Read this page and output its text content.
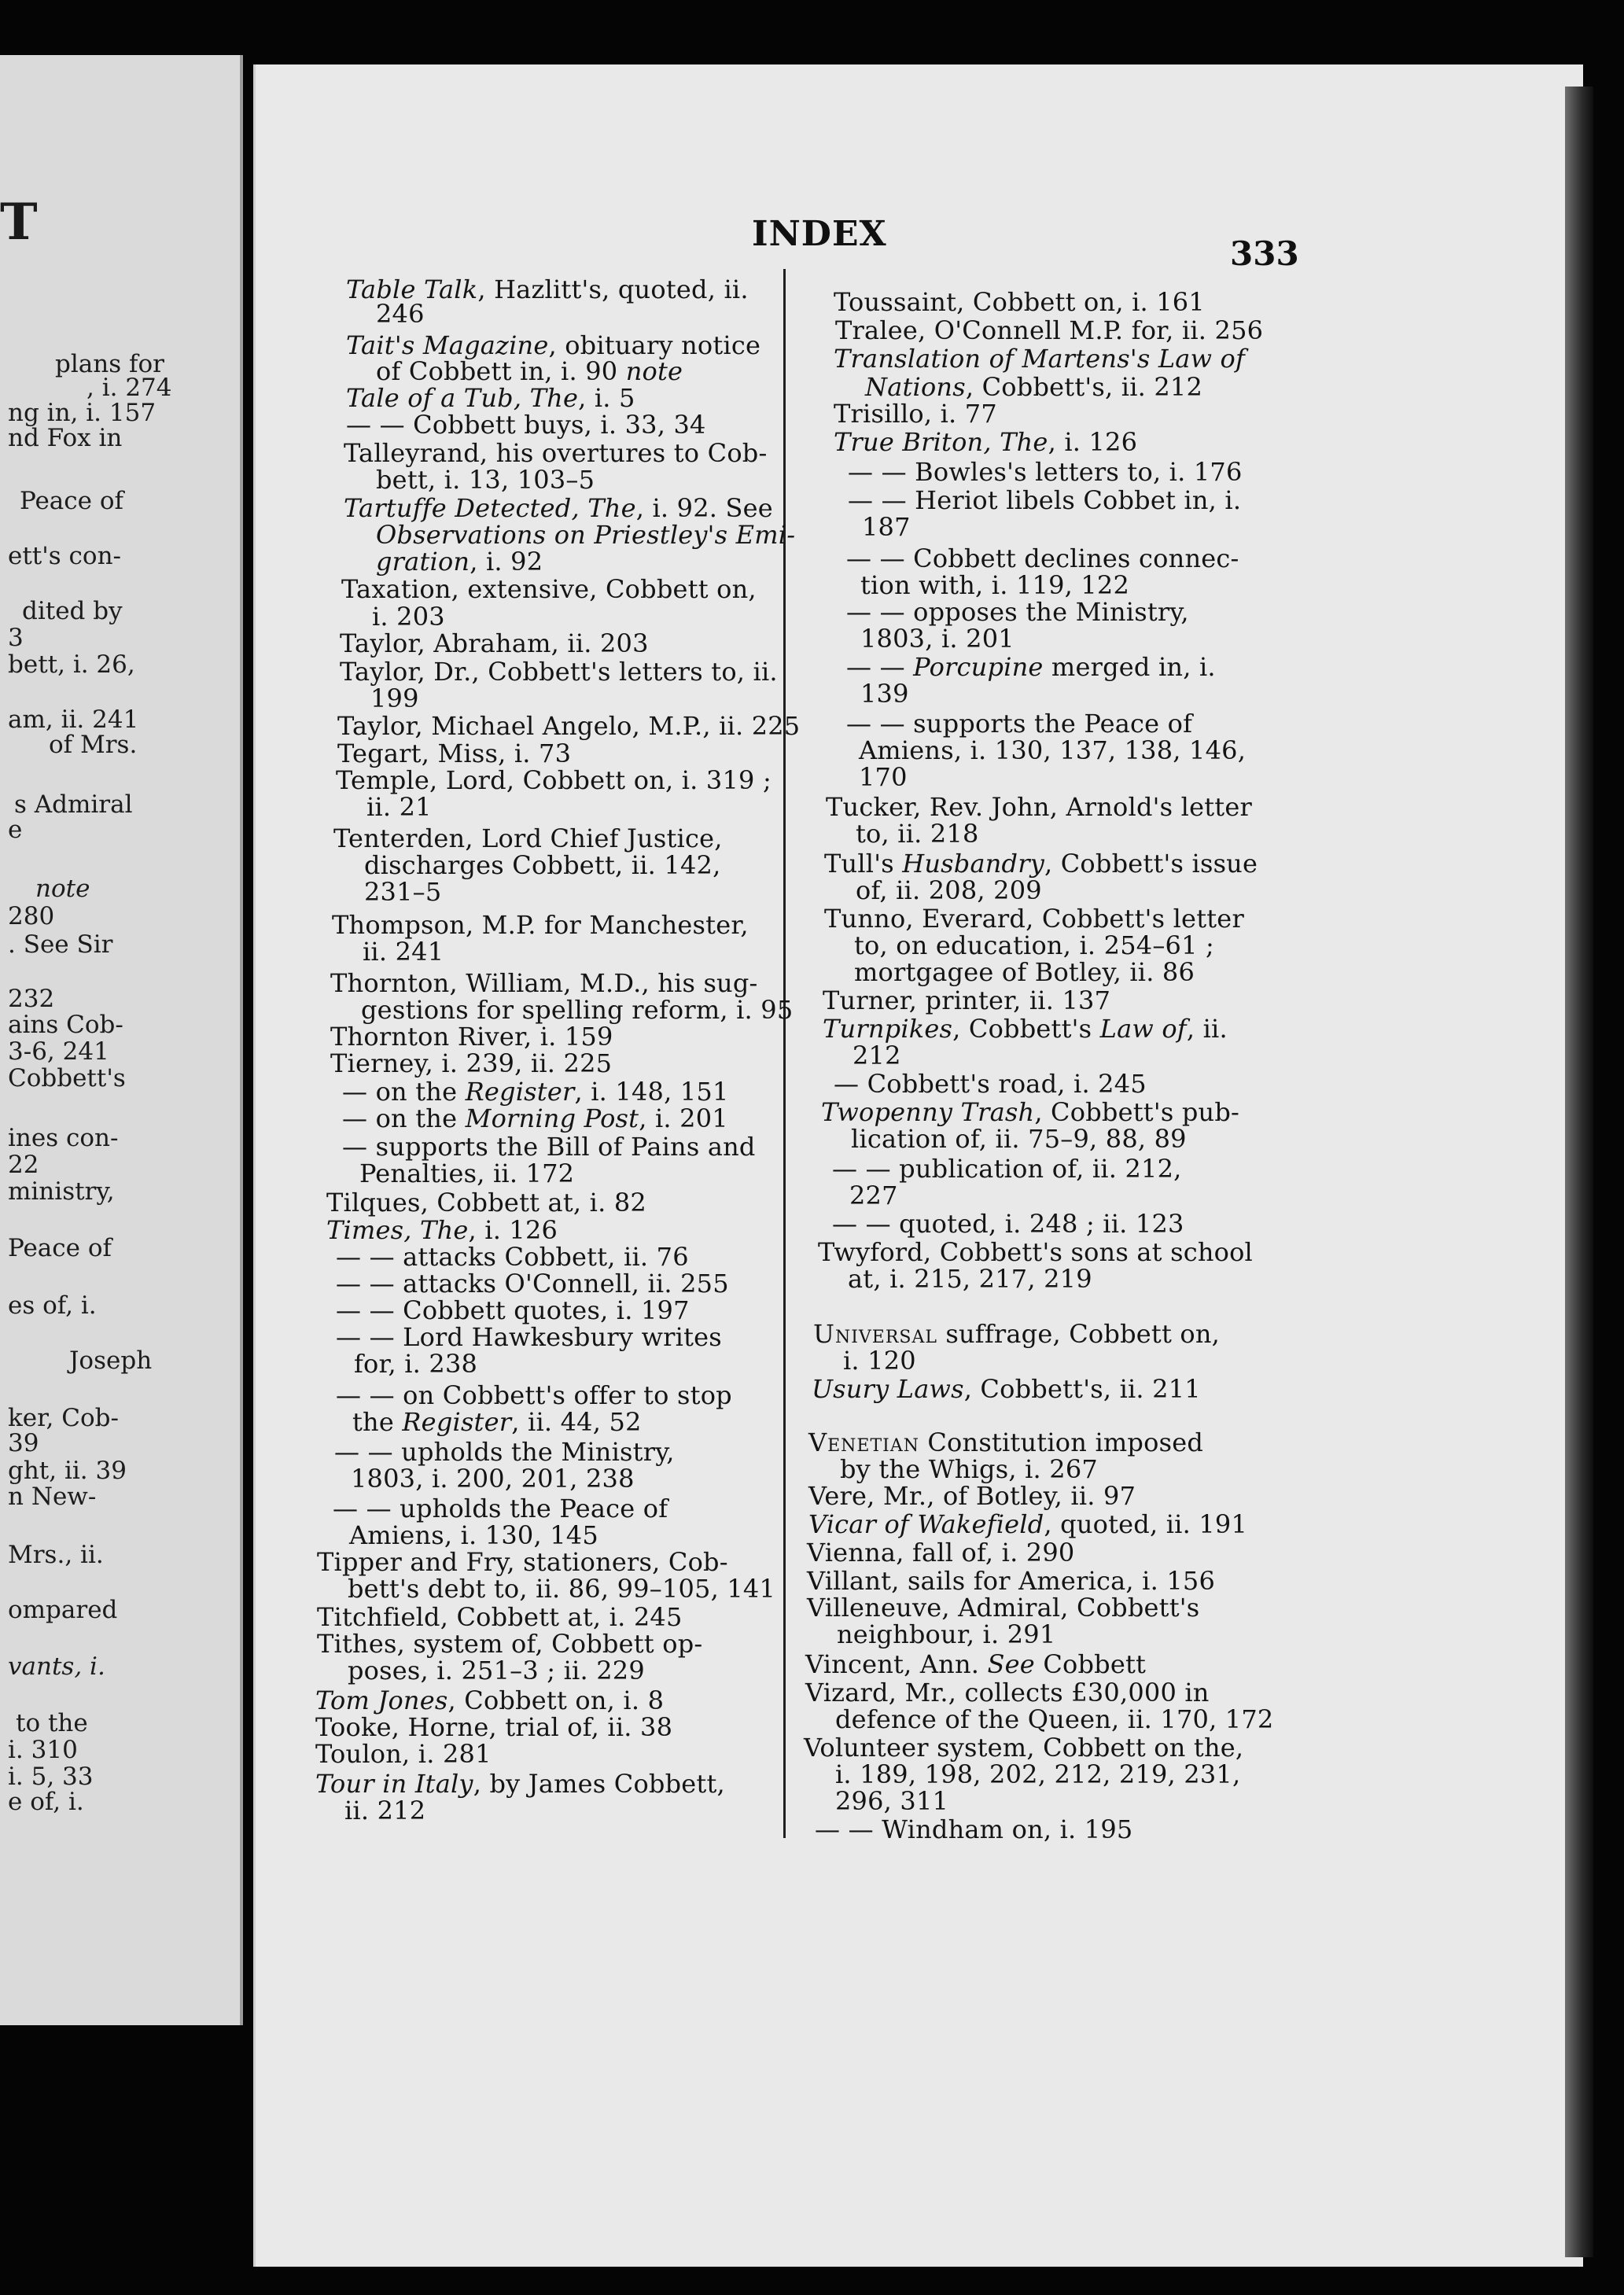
T
plans for
, i. 274
ng in, i. 157
nd Fox in
Peace of
ett's con-
dited by
3
bett, i. 26,
am, ii. 241
of Mrs.
s Admiral
e
note
280
. See Sir
232
ains Cob-
3-6, 241
Cobbett's
ines con-
22
ministry,
Peace of
es of, i.
Joseph
ker, Cob-
39
ght, ii. 39
n New-
Mrs., ii.
ompared
vants, i.
to the
i. 310
i. 5, 33
e of, i.
INDEX	333
Table Talk, Hazlitt's, quoted, ii.
246
Tait's Magazine, obituary notice
of Cobbett in, i. 90 note
Tale of a Tub, The, i. 5
— — Cobbett buys, i. 33, 34
Talleyrand, his overtures to Cob-
bett, i. 13, 103–5
Tartuffe Detected, The, i. 92. See
Observations on Priestley's Emi-
gration, i. 92
Taxation, extensive, Cobbett on,
i. 203
Taylor, Abraham, ii. 203
Taylor, Dr., Cobbett's letters to, ii.
199
Taylor, Michael Angelo, M.P., ii. 225
Tegart, Miss, i. 73
Temple, Lord, Cobbett on, i. 319 ;
ii. 21
Tenterden, Lord Chief Justice,
discharges Cobbett, ii. 142,
231–5
Thompson, M.P. for Manchester,
ii. 241
Thornton, William, M.D., his sug-
gestions for spelling reform, i. 95
Thornton River, i. 159
Tierney, i. 239, ii. 225
— on the Register, i. 148, 151
— on the Morning Post, i. 201
— supports the Bill of Pains and
Penalties, ii. 172
Tilques, Cobbett at, i. 82
Times, The, i. 126
— — attacks Cobbett, ii. 76
— — attacks O'Connell, ii. 255
— — Cobbett quotes, i. 197
— — Lord Hawkesbury writes
for, i. 238
— — on Cobbett's offer to stop
the Register, ii. 44, 52
— — upholds the Ministry,
1803, i. 200, 201, 238
— — upholds the Peace of
Amiens, i. 130, 145
Tipper and Fry, stationers, Cob-
bett's debt to, ii. 86, 99–105, 141
Titchfield, Cobbett at, i. 245
Tithes, system of, Cobbett op-
poses, i. 251–3 ; ii. 229
Tom Jones, Cobbett on, i. 8
Tooke, Horne, trial of, ii. 38
Toulon, i. 281
Tour in Italy, by James Cobbett,
ii. 212
Toussaint, Cobbett on, i. 161
Tralee, O'Connell M.P. for, ii. 256
Translation of Martens's Law of
Nations, Cobbett's, ii. 212
Trisillo, i. 77
True Briton, The, i. 126
— — Bowles's letters to, i. 176
— — Heriot libels Cobbet in, i.
187
— — Cobbett declines connec-
tion with, i. 119, 122
— — opposes the Ministry,
1803, i. 201
— — Porcupine merged in, i.
139
— — supports the Peace of
Amiens, i. 130, 137, 138, 146,
170
Tucker, Rev. John, Arnold's letter
to, ii. 218
Tull's Husbandry, Cobbett's issue
of, ii. 208, 209
Tunno, Everard, Cobbett's letter
to, on education, i. 254–61 ;
mortgagee of Botley, ii. 86
Turner, printer, ii. 137
Turnpikes, Cobbett's Law of, ii.
212
— Cobbett's road, i. 245
Twopenny Trash, Cobbett's pub-
lication of, ii. 75–9, 88, 89
— — publication of, ii. 212,
227
— — quoted, i. 248 ; ii. 123
Twyford, Cobbett's sons at school
at, i. 215, 217, 219
Universal suffrage, Cobbett on,
i. 120
Usury Laws, Cobbett's, ii. 211
Venetian Constitution imposed
by the Whigs, i. 267
Vere, Mr., of Botley, ii. 97
Vicar of Wakefield, quoted, ii. 191
Vienna, fall of, i. 290
Villant, sails for America, i. 156
Villeneuve, Admiral, Cobbett's
neighbour, i. 291
Vincent, Ann. See Cobbett
Vizard, Mr., collects £30,000 in
defence of the Queen, ii. 170, 172
Volunteer system, Cobbett on the,
i. 189, 198, 202, 212, 219, 231,
296, 311
— — Windham on, i. 195
